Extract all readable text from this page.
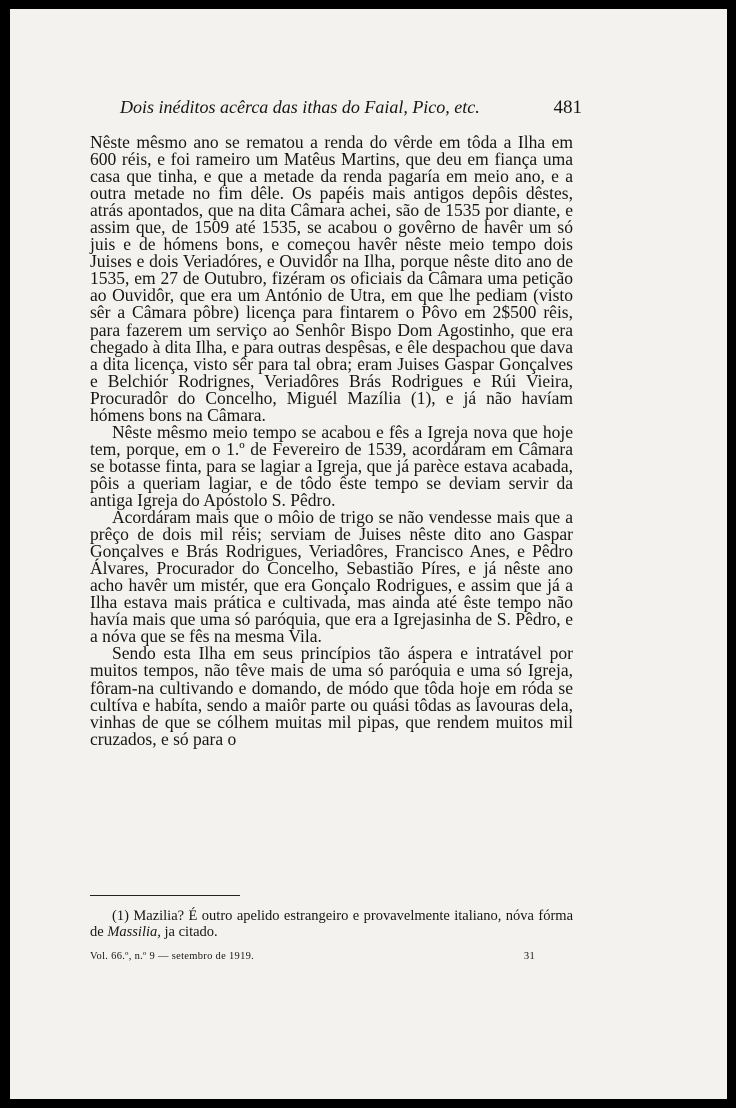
Dois inéditos acêrca das ithas do Faial, Pico, etc.	481

Nêste mêsmo ano se rematou a renda do vêrde em tôda a Ilha em 600 réis, e foi rameiro um Matêus Martins, que deu em fiança uma casa que tinha, e que a metade da renda pagaría em meio ano, e a outra metade no fim dêle. Os papéis mais antigos depôis dêstes, atrás apontados, que na dita Câmara achei, são de 1535 por diante, e assim que, de 1509 até 1535, se acabou o govêrno de havêr um só juis e de hómens bons, e começou havêr nêste meio tempo dois Juises e dois Veriadóres, e Ouvidôr na Ilha, porque nêste dito ano de 1535, em 27 de Outubro, fizéram os oficiais da Câmara uma petição ao Ouvidôr, que era um António de Utra, em que lhe pediam (visto sêr a Câmara pôbre) licença para fintarem o Pôvo em 2$500 rêis, para fazerem um serviço ao Senhôr Bispo Dom Agostinho, que era chegado à dita Ilha, e para outras despêsas, e êle despachou que dava a dita licença, visto sêr para tal obra; eram Juises Gaspar Gonçalves e Belchiór Rodrignes, Veriadôres Brás Rodrigues e Rúi Vieira, Procuradôr do Concelho, Miguél Mazília (1), e já não havíam hómens bons na Câmara.

Nêste mêsmo meio tempo se acabou e fês a Igreja nova que hoje tem, porque, em o 1.º de Fevereiro de 1539, acordáram em Câmara se botasse finta, para se lagiar a Igreja, que já parèce estava acabada, pôis a queriam lagiar, e de tôdo êste tempo se deviam servir da antiga Igreja do Apóstolo S. Pêdro.

Acordáram mais que o môio de trigo se não vendesse mais que a prêço de dois mil réis; serviam de Juises nêste dito ano Gaspar Gonçalves e Brás Rodrigues, Veriadôres, Francisco Anes, e Pêdro Álvares, Procurador do Concelho, Sebastião Píres, e já nêste ano acho havêr um mistér, que era Gonçalo Rodrigues, e assim que já a Ilha estava mais prática e cultivada, mas ainda até êste tempo não havía mais que uma só paróquia, que era a Igrejasinha de S. Pêdro, e a nóva que se fês na mesma Vila.

Sendo esta Ilha em seus princípios tão áspera e intratável por muitos tempos, não têve mais de uma só paróquia e uma só Igreja, fôram-na cultivando e domando, de módo que tôda hoje em róda se cultíva e habíta, sendo a maiôr parte ou quási tôdas as lavouras dela, vinhas de que se cólhem muitas mil pipas, que rendem muitos mil cruzados, e só para o

(1) Mazilia? É outro apelido estrangeiro e provavelmente italiano, nóva fórma de Massilia, ja citado.

Vol. 66.º, n.º 9 — setembro de 1919.	31
